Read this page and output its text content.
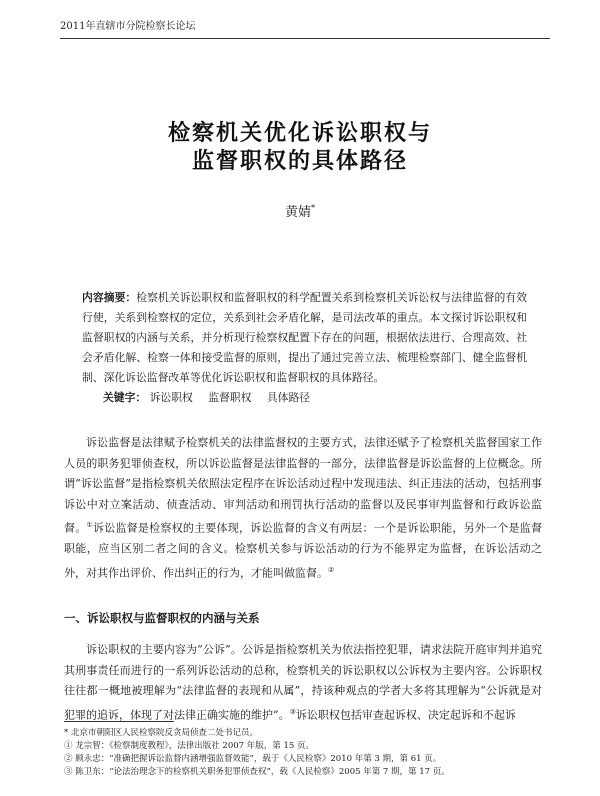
2011年直辖市分院检察长论坛
检察机关优化诉讼职权与
监督职权的具体路径
黄婧*
内容摘要：检察机关诉讼职权和监督职权的科学配置关系到检察机关诉讼权与法律监督的有效行使，关系到检察权的定位，关系到社会矛盾化解，是司法改革的重点。本文探讨诉讼职权和监督职权的内涵与关系，并分析现行检察权配置下存在的问题，根据依法进行、合理高效、社会矛盾化解、检察一体和接受监督的原则，提出了通过完善立法、梳理检察部门、健全监督机制、深化诉讼监督改革等优化诉讼职权和监督职权的具体路径。
关键字： 诉讼职权 监督职权 具体路径
诉讼监督是法律赋予检察机关的法律监督权的主要方式，法律还赋予了检察机关监督国家工作人员的职务犯罪侦查权，所以诉讼监督是法律监督的一部分，法律监督是诉讼监督的上位概念。所谓“诉讼监督”是指检察机关依照法定程序在诉讼活动过程中发现违法、纠正违法的活动，包括刑事诉讼中对立案活动、侦查活动、审判活动和刑罚执行活动的监督以及民事审判监督和行政诉讼监督。①诉讼监督是检察权的主要体现，诉讼监督的含义有两层：一个是诉讼职能，另外一个是监督职能，应当区别二者之间的含义。检察机关参与诉讼活动的行为不能界定为监督，在诉讼活动之外，对其作出评价、作出纠正的行为，才能叫做监督。②
一、诉讼职权与监督职权的内涵与关系
诉讼职权的主要内容为“公诉”。公诉是指检察机关为依法指控犯罪，请求法院开庭审判并追究其刑事责任而进行的一系列诉讼活动的总称，检察机关的诉讼职权以公诉权为主要内容。公诉职权往往都一概地被理解为“法律监督的表现和从属”，持该种观点的学者大多将其理解为“公诉就是对犯罪的追诉，体现了对法律正确实施的维护”。③诉讼职权包括审查起诉权、决定起诉和不起诉
* 北京市朝阳区人民检察院反贪局侦查二处书记员。
① 龙宗智：《检察制度教程》，法律出版社 2007 年版，第 15 页。
② 顾永忠：“准确把握诉讼监督内涵增强监督效能”，载于《人民检察》2010 年第 3 期，第 61 页。
③ 陈卫东：“论法治理念下的检察机关职务犯罪侦查权”，载《人民检察》2005 年第 7 期，第 17 页。
